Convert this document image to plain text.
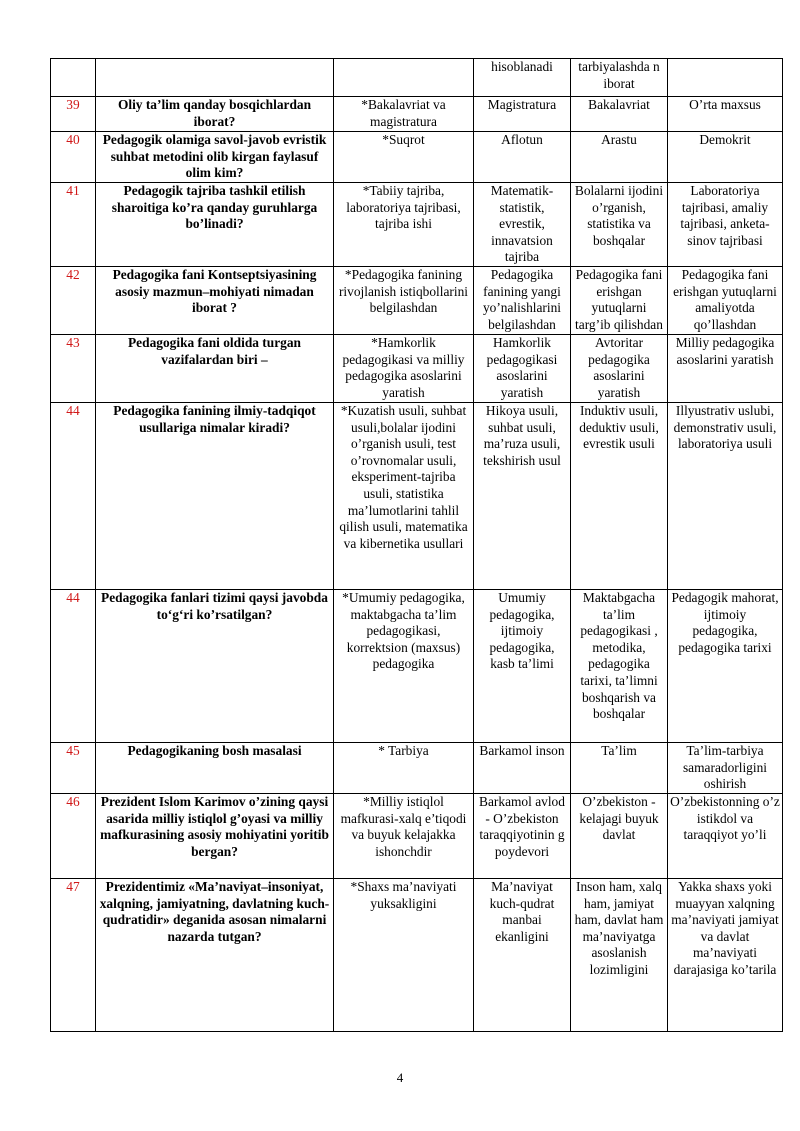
			hisoblanadi	tarbiyalashda n iborat	
39	Oliy ta’lim qanday bosqichlardan iborat?	*Bakalavriat va magistratura	Magistratura	Bakalavriat	O’rta maxsus
40	Pedagogik olamiga savol-javob evristik suhbat metodini olib kirgan faylasuf olim kim?	*Suqrot	Aflotun	Arastu	Demokrit
41	Pedagogik tajriba tashkil etilish sharoitiga ko’ra qanday guruhlarga bo’linadi?	*Tabiiy tajriba, laboratoriya tajribasi, tajriba ishi	Matematik-statistik, evrestik, innavatsion tajriba	Bolalarni ijodini o’rganish, statistika va boshqalar	Laboratoriya tajribasi, amaliy tajribasi, anketa-sinov tajribasi
42	Pedagogika fani Kontseptsiyasining asosiy mazmun–mohiyati nimadan iborat ?	*Pedagogika fanining rivojlanish istiqbollarini belgilashdan	Pedagogika fanining yangi yo’nalishlarini belgilashdan	Pedagogika fani erishgan yutuqlarni targ’ib qilishdan	Pedagogika fani erishgan yutuqlarni amaliyotda qo’llashdan
43	Pedagogika fani oldida turgan vazifalardan biri –	*Hamkorlik pedagogikasi va milliy pedagogika asoslarini yaratish	Hamkorlik pedagogikasi asoslarini yaratish	Avtoritar pedagogika asoslarini yaratish	Milliy pedagogika asoslarini yaratish
44	Pedagogika fanining ilmiy-tadqiqot usullariga nimalar kiradi?	*Kuzatish usuli, suhbat usuli,bolalar ijodini o’rganish usuli, test o’rovnomalar usuli, eksperiment-tajriba usuli, statistika ma’lumotlarini tahlil qilish usuli, matematika va kibernetika usullari	Hikoya usuli, suhbat usuli, ma’ruza usuli, tekshirish usul	Induktiv usuli, deduktiv usuli, evrestik usuli	Illyustrativ uslubi, demonstrativ usuli, laboratoriya usuli
44	Pedagogika fanlari tizimi qaysi javobda to‘g‘ri ko’rsatilgan?	*Umumiy pedagogika, maktabgacha ta’lim pedagogikasi, korrektsion (maxsus) pedagogika	Umumiy pedagogika, ijtimoiy pedagogika, kasb ta’limi	Maktabgacha ta’lim pedagogikasi , metodika, pedagogika tarixi, ta’limni boshqarish va boshqalar	Pedagogik mahorat, ijtimoiy pedagogika, pedagogika tarixi
45	Pedagogikaning bosh masalasi	* Tarbiya	Barkamol inson	Ta’lim	Ta’lim-tarbiya samaradorligini oshirish
46	Prezident Islom Karimov o’zining qaysi asarida milliy istiqlol g’oyasi va milliy mafkurasining asosiy mohiyatini yoritib bergan?	*Milliy istiqlol mafkurasi-xalq e’tiqodi va buyuk kelajakka ishonchdir	Barkamol avlod - O’zbekiston taraqqiyotinin g poydevori	O’zbekiston - kelajagi buyuk davlat	O’zbekistonning o’z istikdol va taraqqiyot yo’li
47	Prezidentimiz «Ma’naviyat–insoniyat, xalqning, jamiyatning, davlatning kuch-qudratidir» deganida asosan nimalarni nazarda tutgan?	*Shaxs ma’naviyati yuksakligini	Ma’naviyat kuch-qudrat manbai ekanligini	Inson ham, xalq ham, jamiyat ham, davlat ham ma’naviyatga asoslanish lozimligini	Yakka shaxs yoki muayyan xalqning ma’naviyati jamiyat va davlat ma’naviyati darajasiga ko’tarila
4
